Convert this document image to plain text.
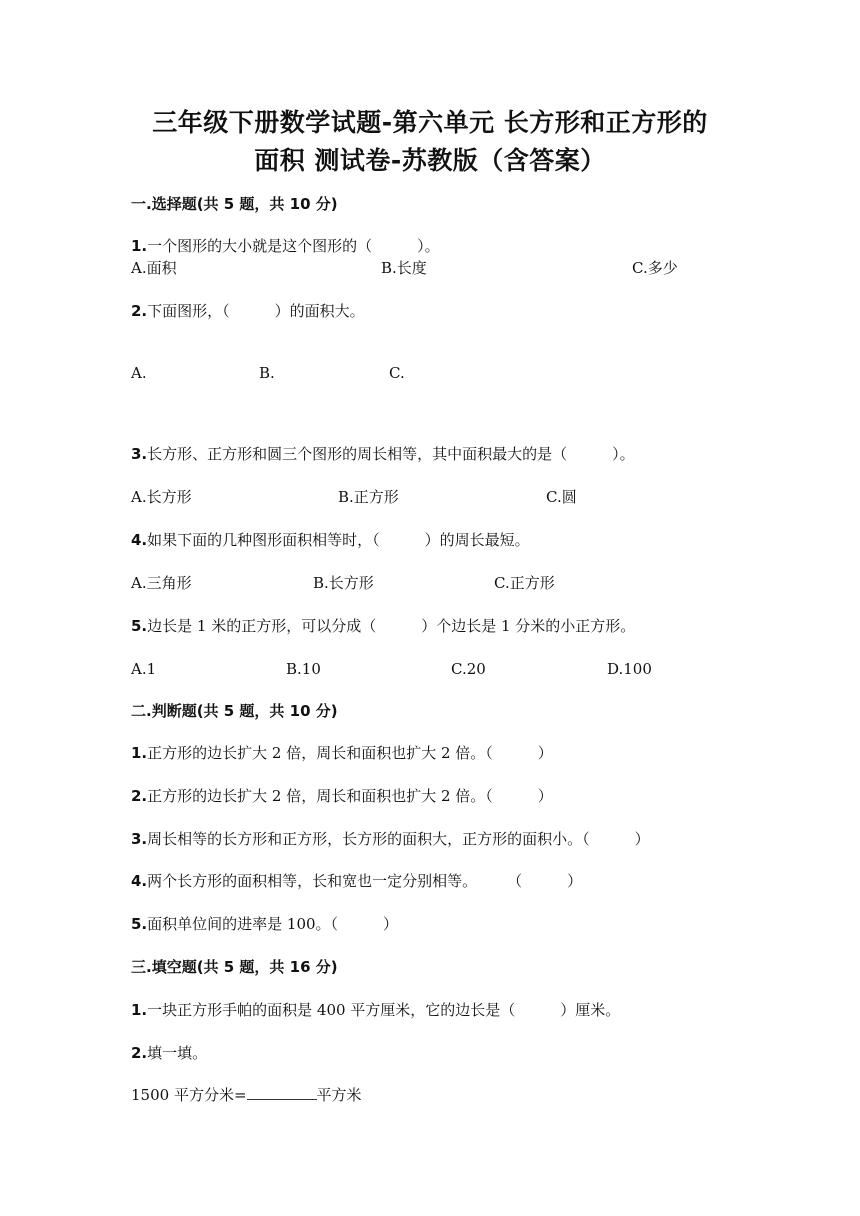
三年级下册数学试题-第六单元 长方形和正方形的
面积 测试卷-苏教版（含答案）
一.选择题(共 5 题，共 10 分)
1.一个图形的大小就是这个图形的（　　　）。
A.面积	B.长度	C.多少
2.下面图形，（　　　）的面积大。
A.	B.	C.
3.长方形、正方形和圆三个图形的周长相等，其中面积最大的是（　　　）。
A.长方形	B.正方形	C.圆
4.如果下面的几种图形面积相等时，（　　　）的周长最短。
A.三角形	B.长方形	C.正方形
5.边长是 1 米的正方形，可以分成（　　　）个边长是 1 分米的小正方形。
A.1	B.10	C.20	D.100
二.判断题(共 5 题，共 10 分)
1.正方形的边长扩大 2 倍，周长和面积也扩大 2 倍。（　　　）
2.正方形的边长扩大 2 倍，周长和面积也扩大 2 倍。（　　　）
3.周长相等的长方形和正方形，长方形的面积大，正方形的面积小。（　　　）
4.两个长方形的面积相等，长和宽也一定分别相等。　　　（　　　）
5.面积单位间的进率是 100。（　　　）
三.填空题(共 5 题，共 16 分)
1.一块正方形手帕的面积是 400 平方厘米，它的边长是（　　　）厘米。
2.填一填。
1500 平方分米=	平方米
